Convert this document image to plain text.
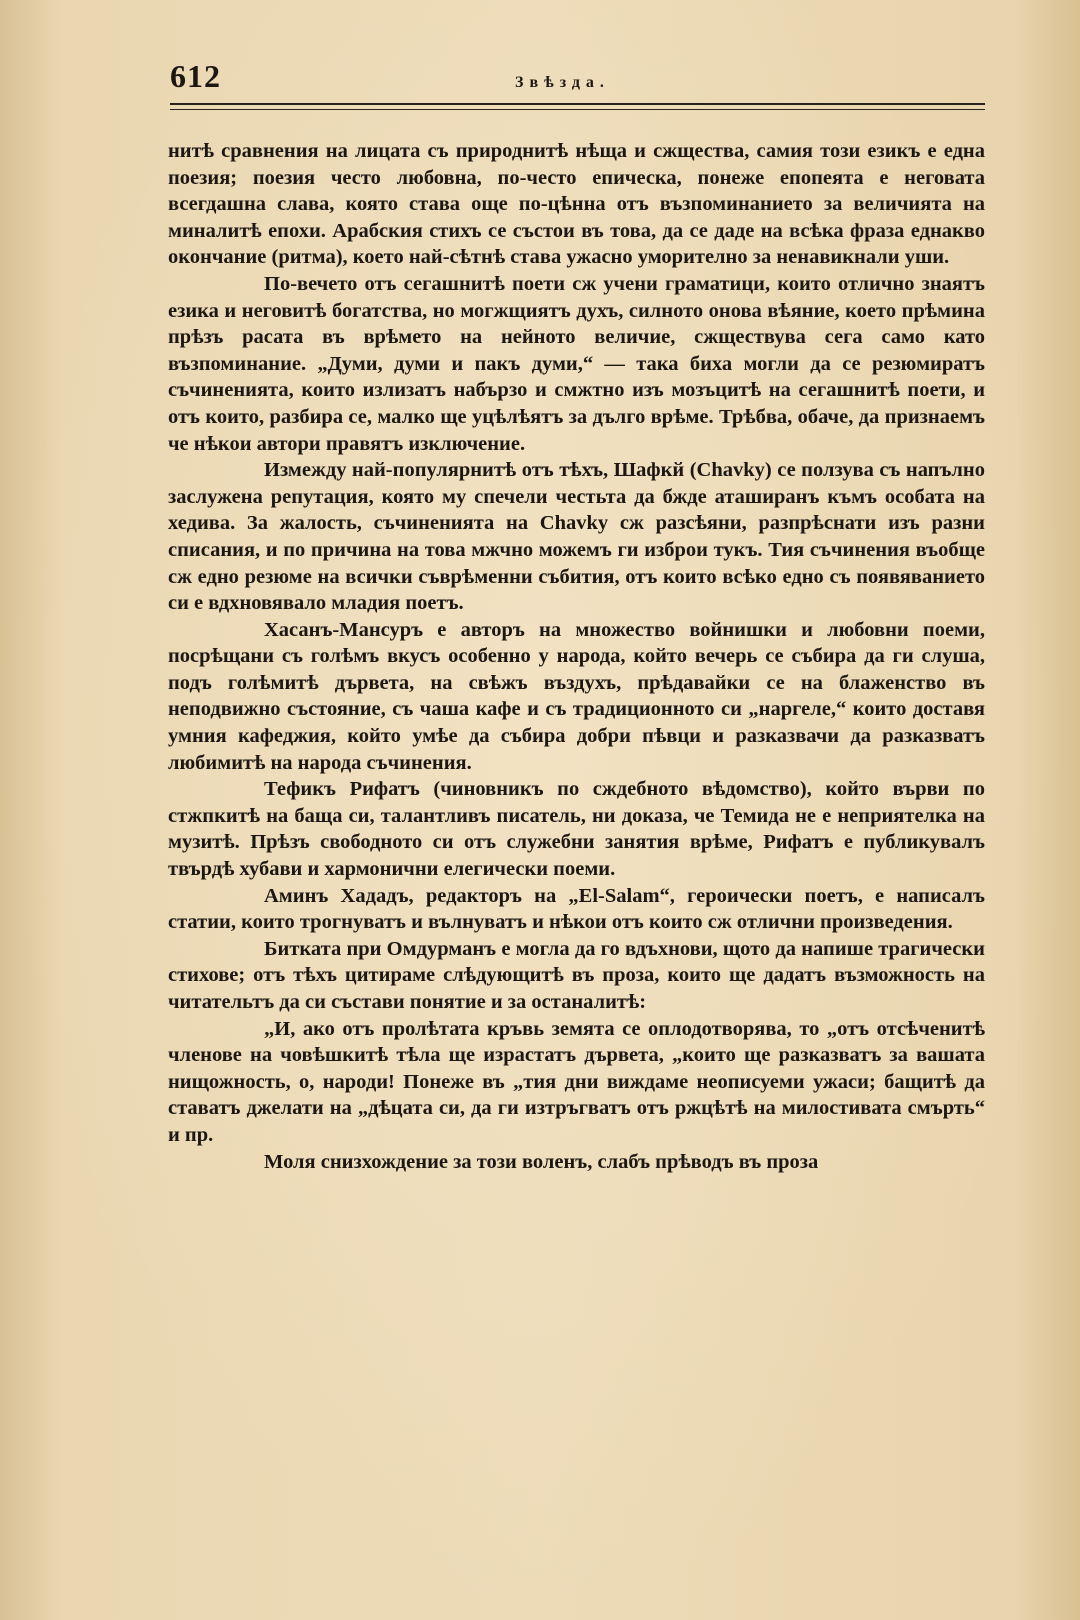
612	Звѣзда.

нитѣ сравнения на лицата съ природнитѣ нѣща и сжщества, самия този езикъ е една поезия; поезия често любовна, по-често епическа, понеже епопеята е неговата всегдашна слава, която става още по-цѣнна отъ възпоминанието за величията на миналитѣ епохи. Арабския стихъ се състои въ това, да се даде на всѣка фраза еднакво окончание (ритма), което най-сѣтнѣ става ужасно уморително за ненавикнали уши.

По-вечето отъ сегашнитѣ поети сж учени граматици, които отлично знаятъ езика и неговитѣ богатства, но могжщиятъ духъ, силното онова вѣяние, което прѣмина прѣзъ расата въ врѣмето на нейното величие, сжществува сега само като възпоминание. „Думи, думи и пакъ думи,“ — така биха могли да се резюмиратъ съчиненията, които излизатъ набързо и смжтно изъ мозъцитѣ на сегашнитѣ поети, и отъ които, разбира се, малко ще уцѣлѣятъ за дълго врѣме. Трѣбва, обаче, да признаемъ че нѣкои автори правятъ изключение.

Измежду най-популярнитѣ отъ тѣхъ, Шафкй (Chavky) се ползува съ напълно заслужена репутация, която му спечели честьта да бжде аташиранъ къмъ особата на хедива. За жалость, съчиненията на Chavky сж разсѣяни, разпрѣснати изъ разни списания, и по причина на това мжчно можемъ ги изброи тукъ. Тия съчинения въобще сж едно резюме на всички съврѣменни събития, отъ които всѣко едно съ появяванието си е вдхновявало младия поетъ.

Хасанъ-Мансуръ е авторъ на множество войнишки и любовни поеми, посрѣщани съ голѣмъ вкусъ особенно у народа, който вечерь се събира да ги слуша, подъ голѣмитѣ дървета, на свѣжъ въздухъ, прѣдавайки се на блаженство въ неподвижно състояние, съ чаша кафе и съ традиционното си „наргеле,“ които доставя умния кафеджия, който умѣе да събира добри пѣвци и разказвачи да разказватъ любимитѣ на народа съчинения.

Тефикъ Рифатъ (чиновникъ по сждебното вѣдомство), който върви по стжпкитѣ на баща си, талантливъ писатель, ни доказа, че Темида не е неприятелка на музитѣ. Прѣзъ свободното си отъ служебни занятия врѣме, Рифатъ е публикувалъ твърдѣ хубави и хармонични елегически поеми.

Аминъ Хададъ, редакторъ на „El-Salam“, героически поетъ, е написалъ статии, които трогнуватъ и вълнуватъ и нѣкои отъ които сж отлични произведения.

Битката при Омдурманъ е могла да го вдъхнови, щото да напише трагически стихове; отъ тѣхъ цитираме слѣдующитѣ въ проза, които ще дадатъ възможность на читательтъ да си състави понятие и за останалитѣ:

„И, ако отъ пролѣтата кръвь земята се оплодотворява, то „отъ отсѣченитѣ членове на човѣшкитѣ тѣла ще израстатъ дървета, „които ще разказватъ за вашата нищожность, о, народи! Понеже въ „тия дни виждаме неописуеми ужаси; бащитѣ да ставатъ джелати на „дѣцата си, да ги изтръгватъ отъ ржцѣтѣ на милостивата смърть“ и пр.

Моля снизхождение за този воленъ, слабъ прѣводъ въ проза
